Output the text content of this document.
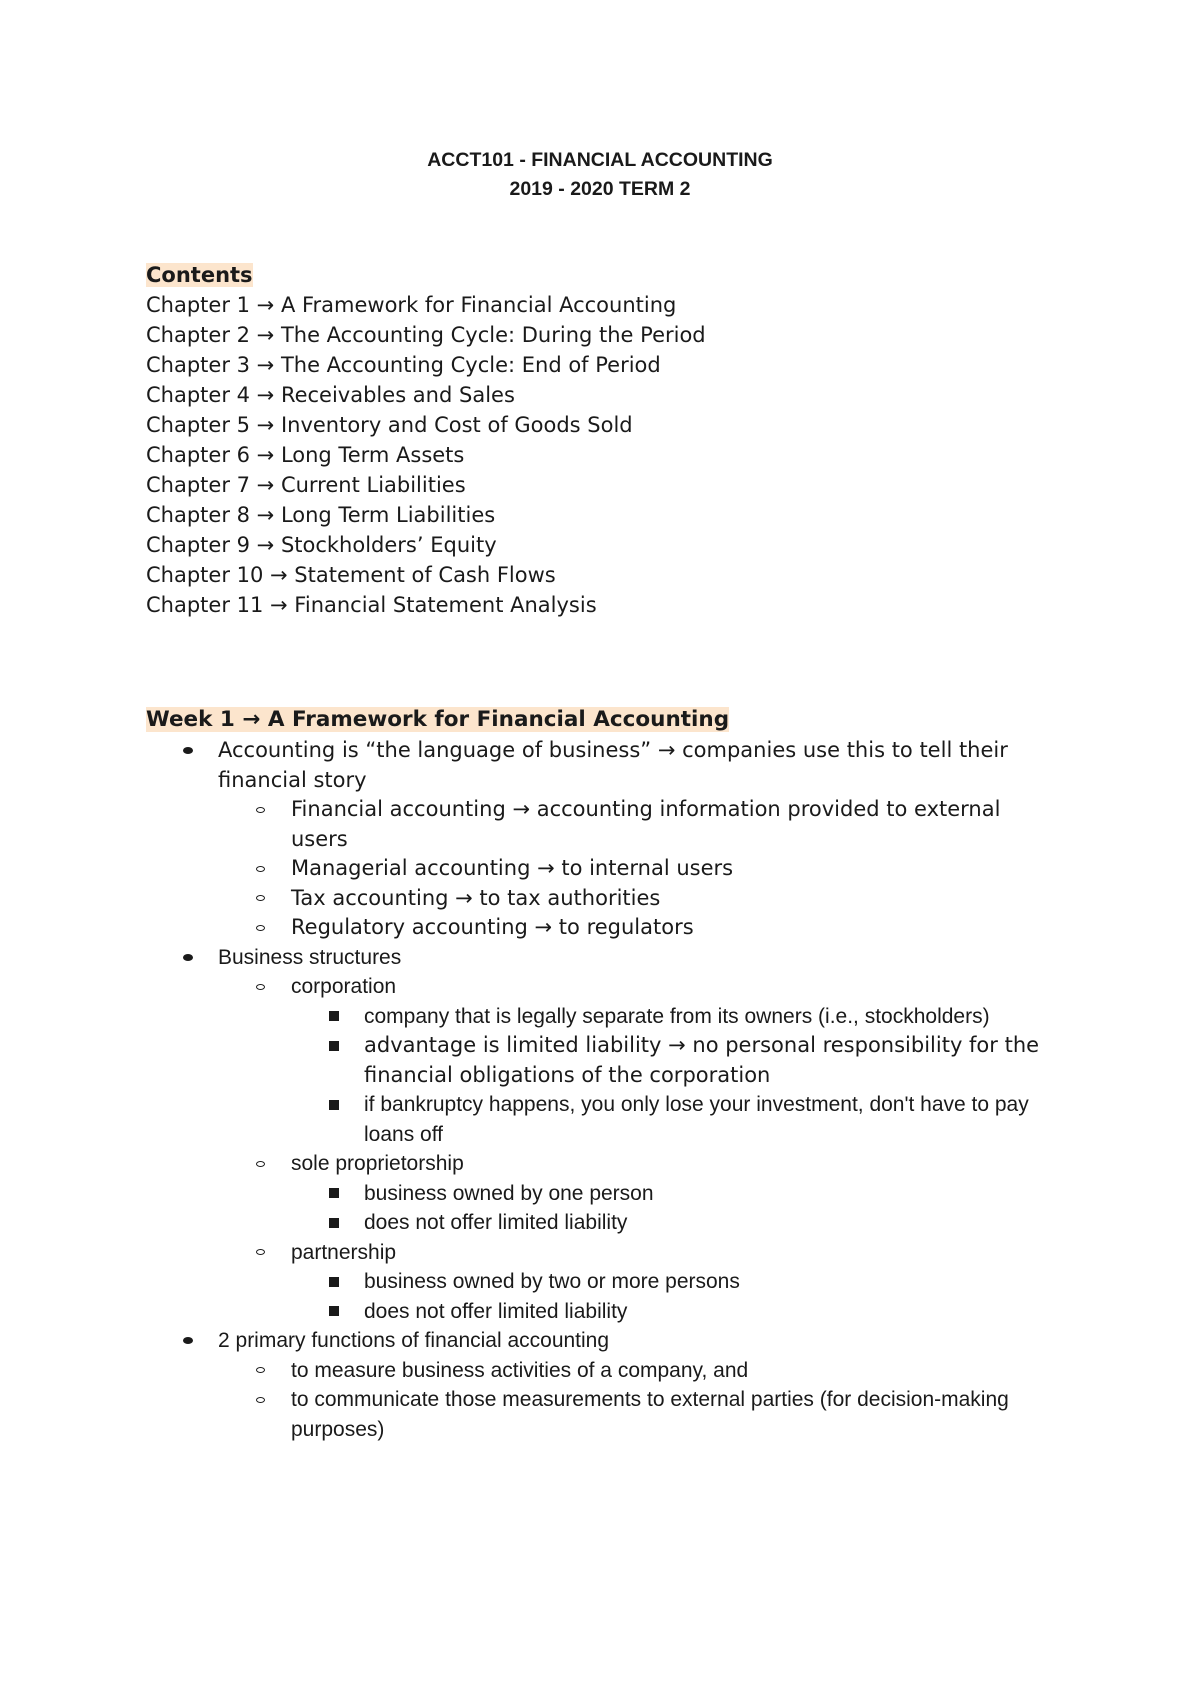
ACCT101 - FINANCIAL ACCOUNTING
2019 - 2020 TERM 2
Contents
Chapter 1 → A Framework for Financial Accounting
Chapter 2 → The Accounting Cycle: During the Period
Chapter 3 → The Accounting Cycle: End of Period
Chapter 4 → Receivables and Sales
Chapter 5 → Inventory and Cost of Goods Sold
Chapter 6 → Long Term Assets
Chapter 7 → Current Liabilities
Chapter 8 → Long Term Liabilities
Chapter 9 → Stockholders’ Equity
Chapter 10 → Statement of Cash Flows
Chapter 11 → Financial Statement Analysis
Week 1 → A Framework for Financial Accounting
Accounting is “the language of business” → companies use this to tell their financial story
Financial accounting → accounting information provided to external users
Managerial accounting → to internal users
Tax accounting → to tax authorities
Regulatory accounting → to regulators
Business structures
corporation
company that is legally separate from its owners (i.e., stockholders)
advantage is limited liability → no personal responsibility for the financial obligations of the corporation
if bankruptcy happens, you only lose your investment, don't have to pay loans off
sole proprietorship
business owned by one person
does not offer limited liability
partnership
business owned by two or more persons
does not offer limited liability
2 primary functions of financial accounting
to measure business activities of a company, and
to communicate those measurements to external parties (for decision-making purposes)
